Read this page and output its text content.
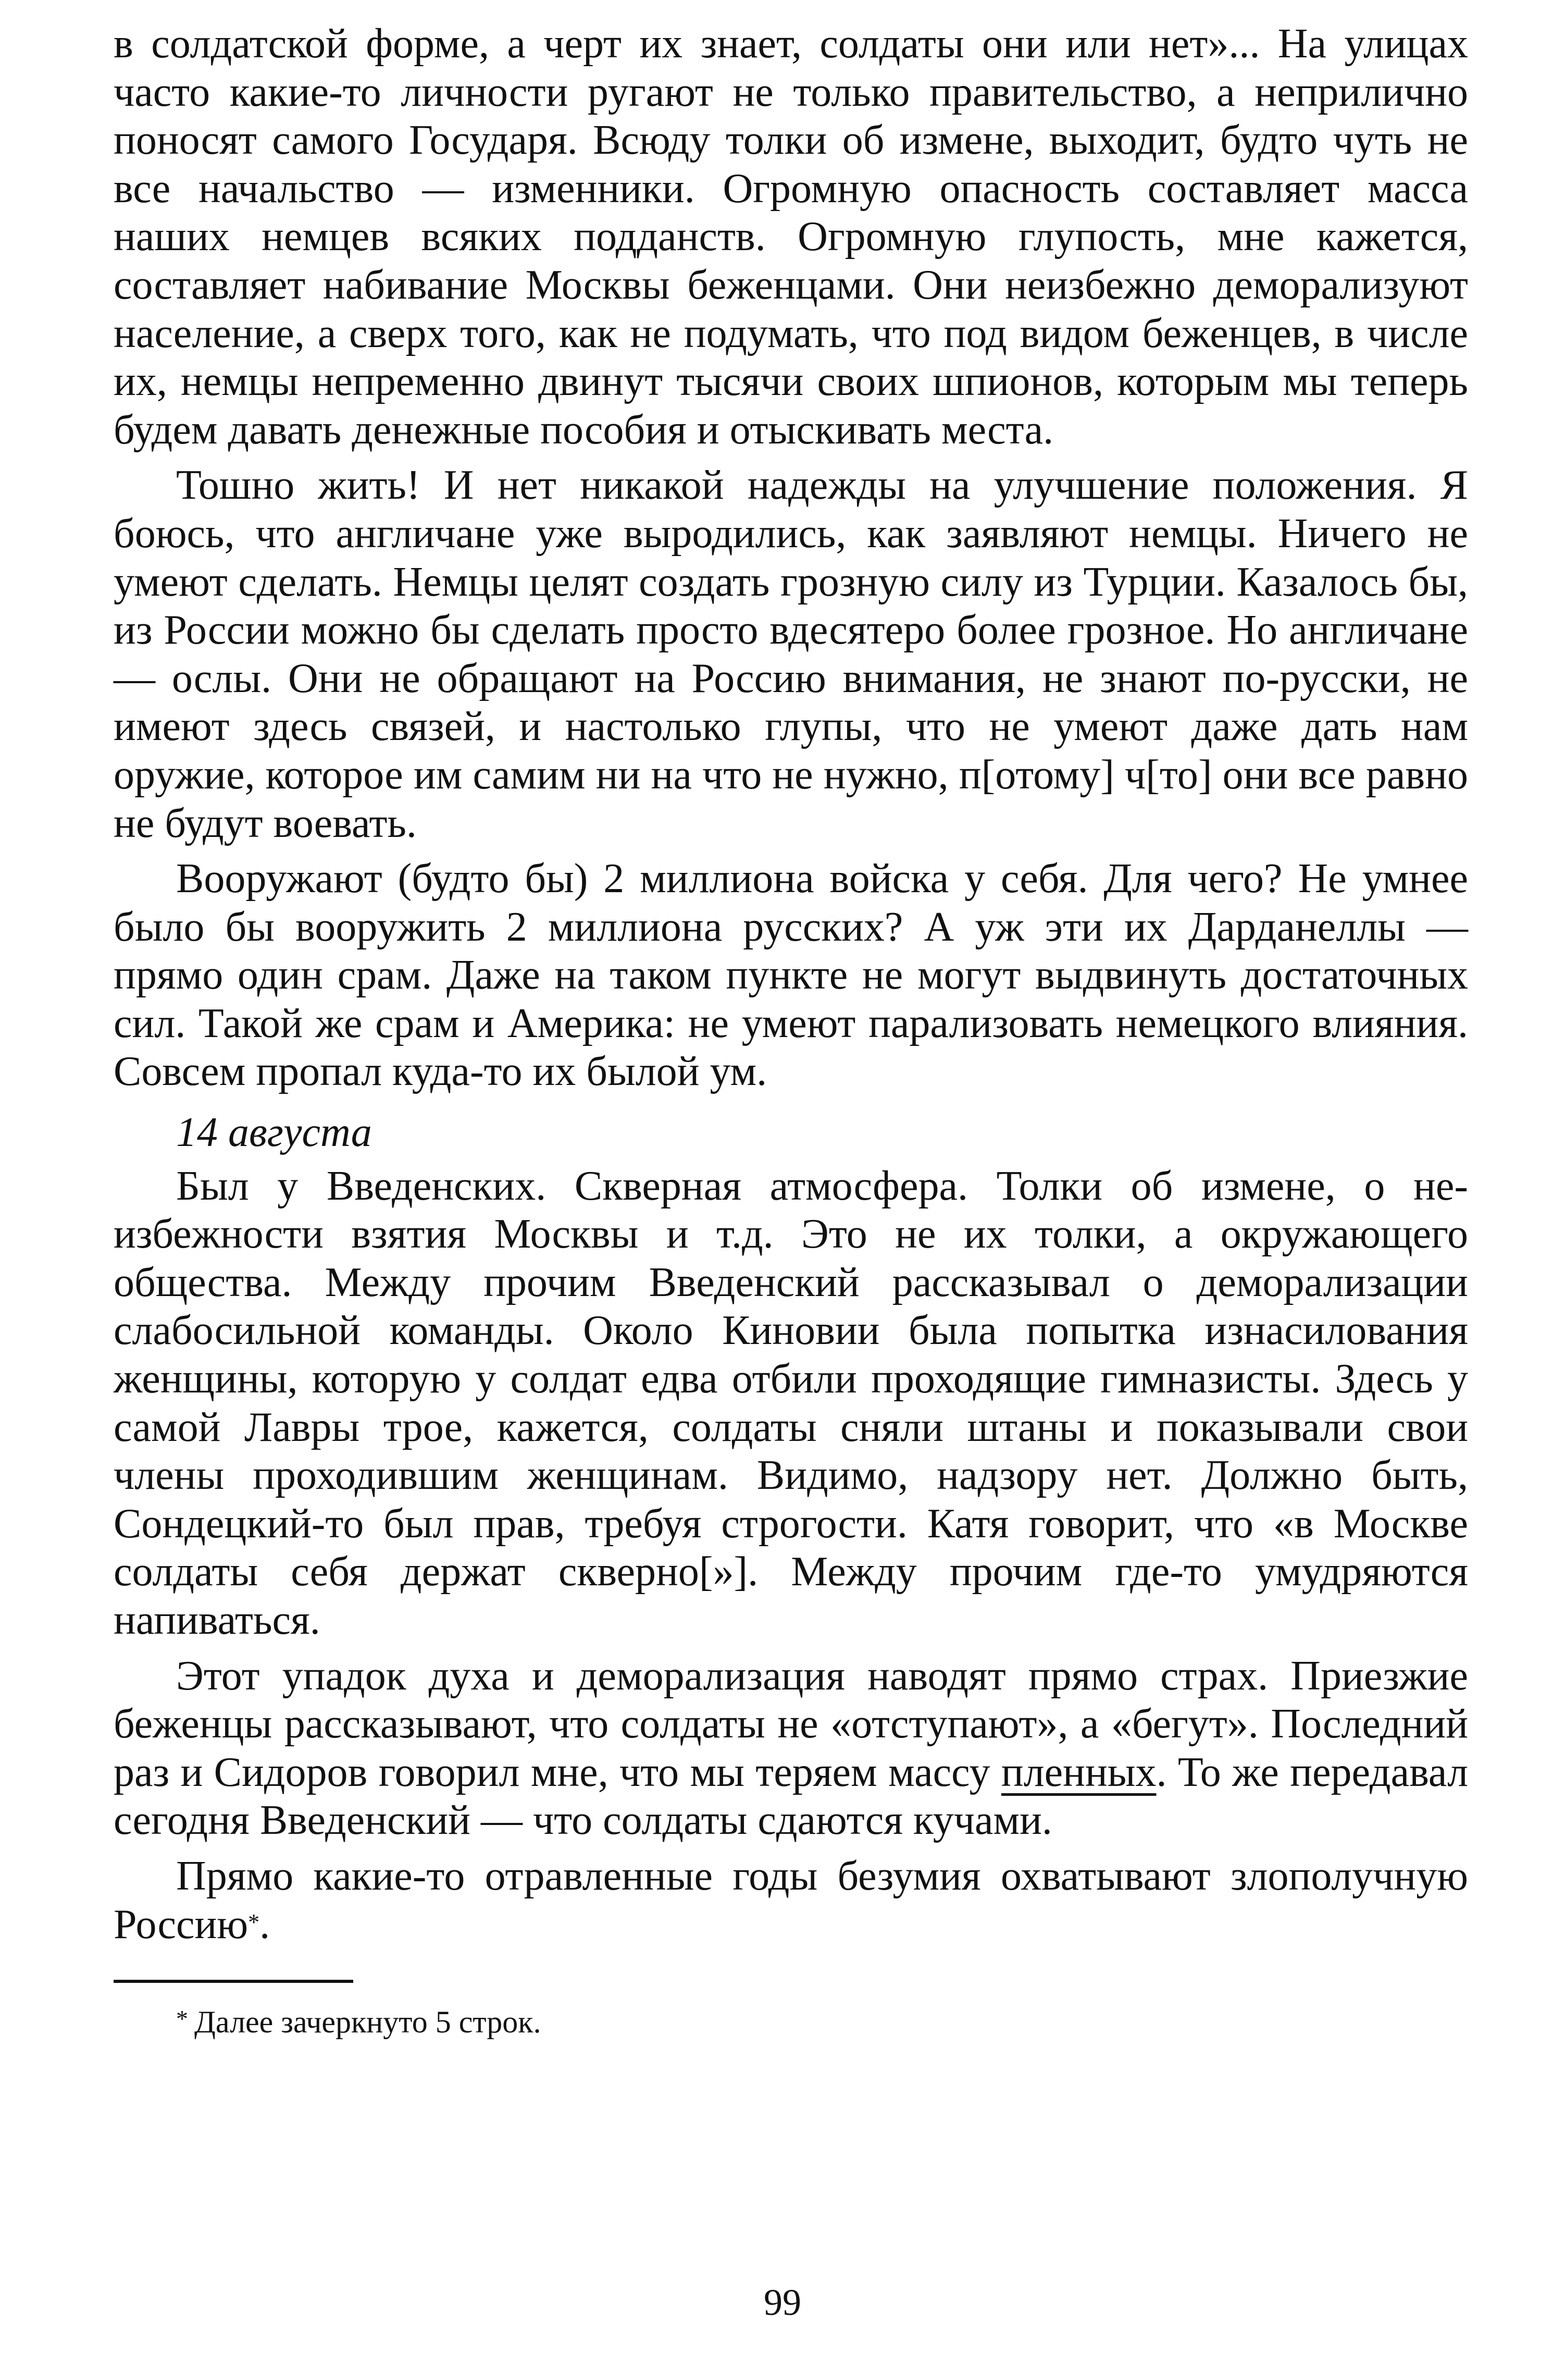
в солдатской форме, а черт их знает, солдаты они или нет»... На улицах часто какие-то личности ругают не только правительство, а неприлично поносят самого Государя. Всюду толки об измене, выходит, будто чуть не все начальство — изменники. Огромную опасность составляет масса наших немцев всяких подданств. Огромную глупость, мне кажется, составляет набивание Москвы беженцами. Они неизбежно деморализуют население, а сверх того, как не подумать, что под видом беженцев, в числе их, немцы непременно двинут тысячи своих шпионов, которым мы теперь будем давать денежные пособия и отыскивать места.

Тошно жить! И нет никакой надежды на улучшение положения. Я боюсь, что англичане уже выродились, как заявляют немцы. Ничего не умеют сделать. Немцы целят создать грозную силу из Турции. Казалось бы, из России можно бы сделать просто вдесятеро более грозное. Но англичане — ослы. Они не обращают на Россию внимания, не знают по-русски, не имеют здесь связей, и настолько глупы, что не умеют даже дать нам оружие, которое им самим ни на что не нужно, п[отому] ч[то] они все равно не будут воевать.

Вооружают (будто бы) 2 миллиона войска у себя. Для чего? Не умнее было бы вооружить 2 миллиона русских? А уж эти их Дарданеллы — прямо один срам. Даже на таком пункте не могут выдвинуть достаточных сил. Такой же срам и Америка: не умеют парализовать немецкого влияния. Совсем пропал куда-то их былой ум.

14 августа

Был у Введенских. Скверная атмосфера. Толки об измене, о неизбежности взятия Москвы и т.д. Это не их толки, а окружающего общества. Между прочим Введенский рассказывал о деморализации слабосильной команды. Около Киновии была попытка изнасилования женщины, которую у солдат едва отбили проходящие гимназисты. Здесь у самой Лавры трое, кажется, солдаты сняли штаны и показывали свои члены проходившим женщинам. Видимо, надзору нет. Должно быть, Сондецкий-то был прав, требуя строгости. Катя говорит, что «в Москве солдаты себя держат скверно[»]. Между прочим где-то умудряются напиваться.

Этот упадок духа и деморализация наводят прямо страх. Приезжие беженцы рассказывают, что солдаты не «отступают», а «бегут». Последний раз и Сидоров говорил мне, что мы теряем массу пленных. То же передавал сегодня Введенский — что солдаты сдаются кучами.

Прямо какие-то отравленные годы безумия охватывают злополучную Россию*.

* Далее зачеркнуто 5 строк.

99
